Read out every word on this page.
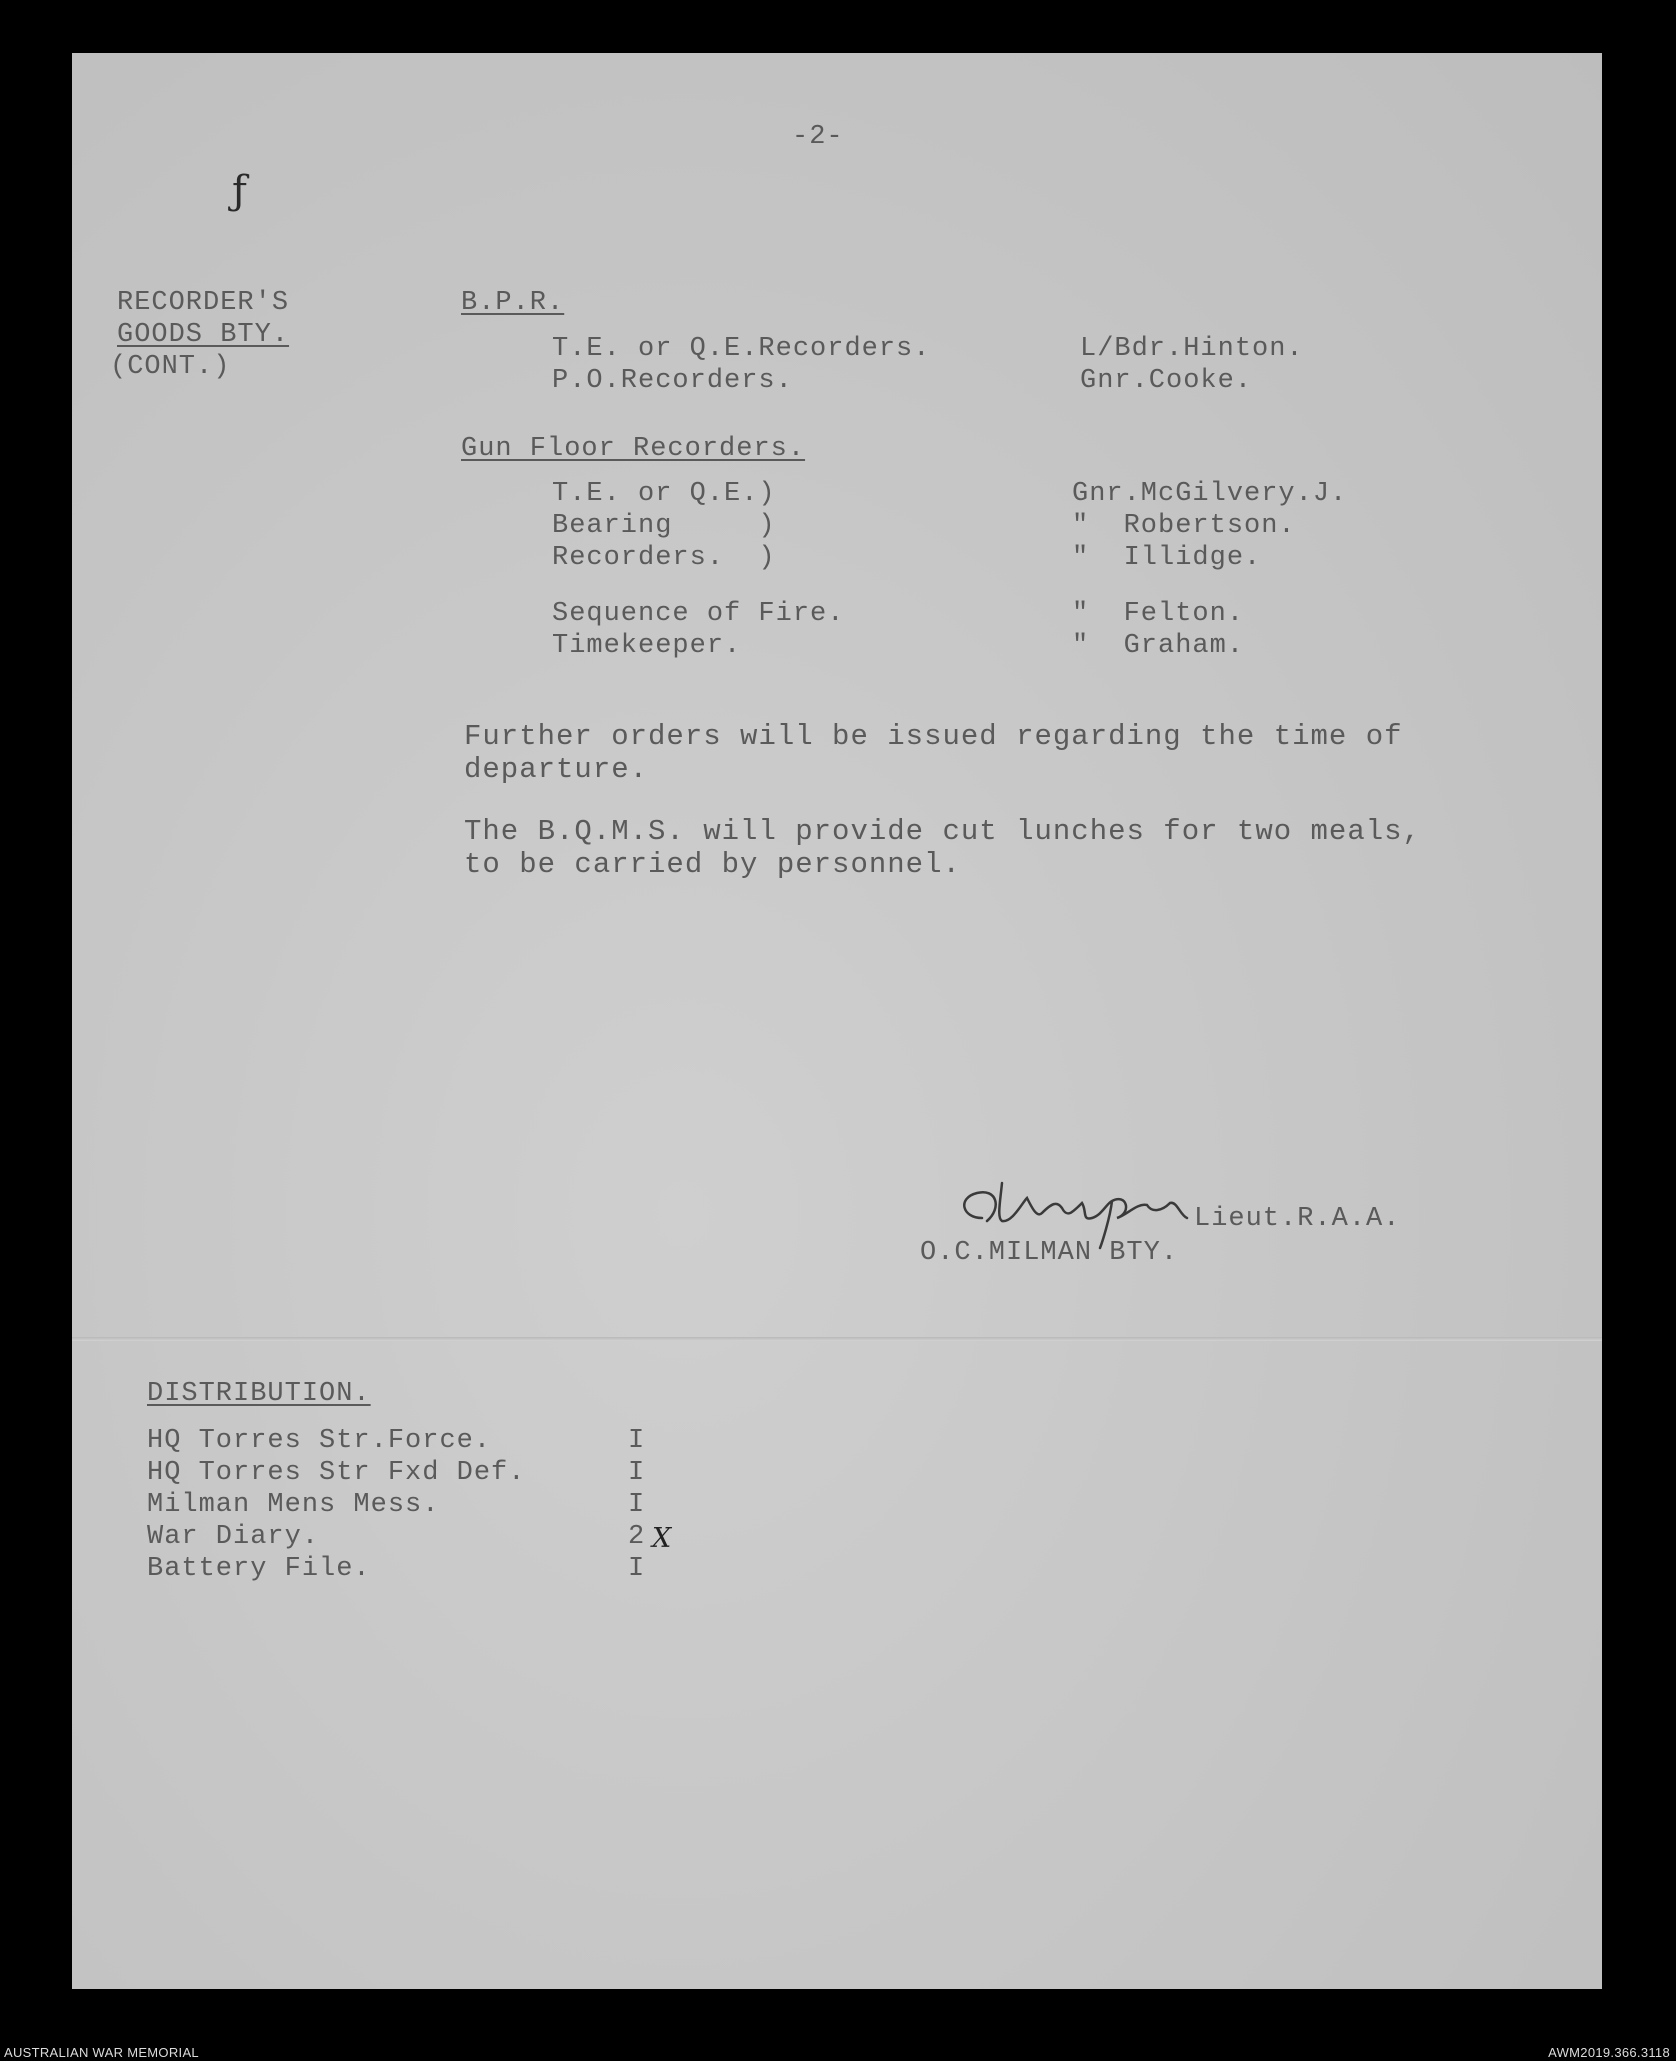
ƒ
-2-
RECORDER'S
GOODS BTY.
(CONT.)
B.P.R.
T.E. or Q.E.Recorders.	L/Bdr.Hinton.
P.O.Recorders.	Gnr.Cooke.
Gun Floor Recorders.
T.E. or Q.E.)	Gnr.McGilvery.J.
Bearing     )	"  Robertson.
Recorders.  )	"  Illidge.
Sequence of Fire.	"  Felton.
Timekeeper.	"  Graham.
Further orders will be issued regarding the time of
departure.
The B.Q.M.S. will provide cut lunches for two meals,
to be carried by personnel.
Lieut.R.A.A.
O.C.MILMAN BTY.
DISTRIBUTION.
HQ Torres Str.Force.	I
HQ Torres Str Fxd Def.	I
Milman Mens Mess.	I
War Diary.	2 X
Battery File.	I
AUSTRALIAN WAR MEMORIAL	AWM2019.366.3118
